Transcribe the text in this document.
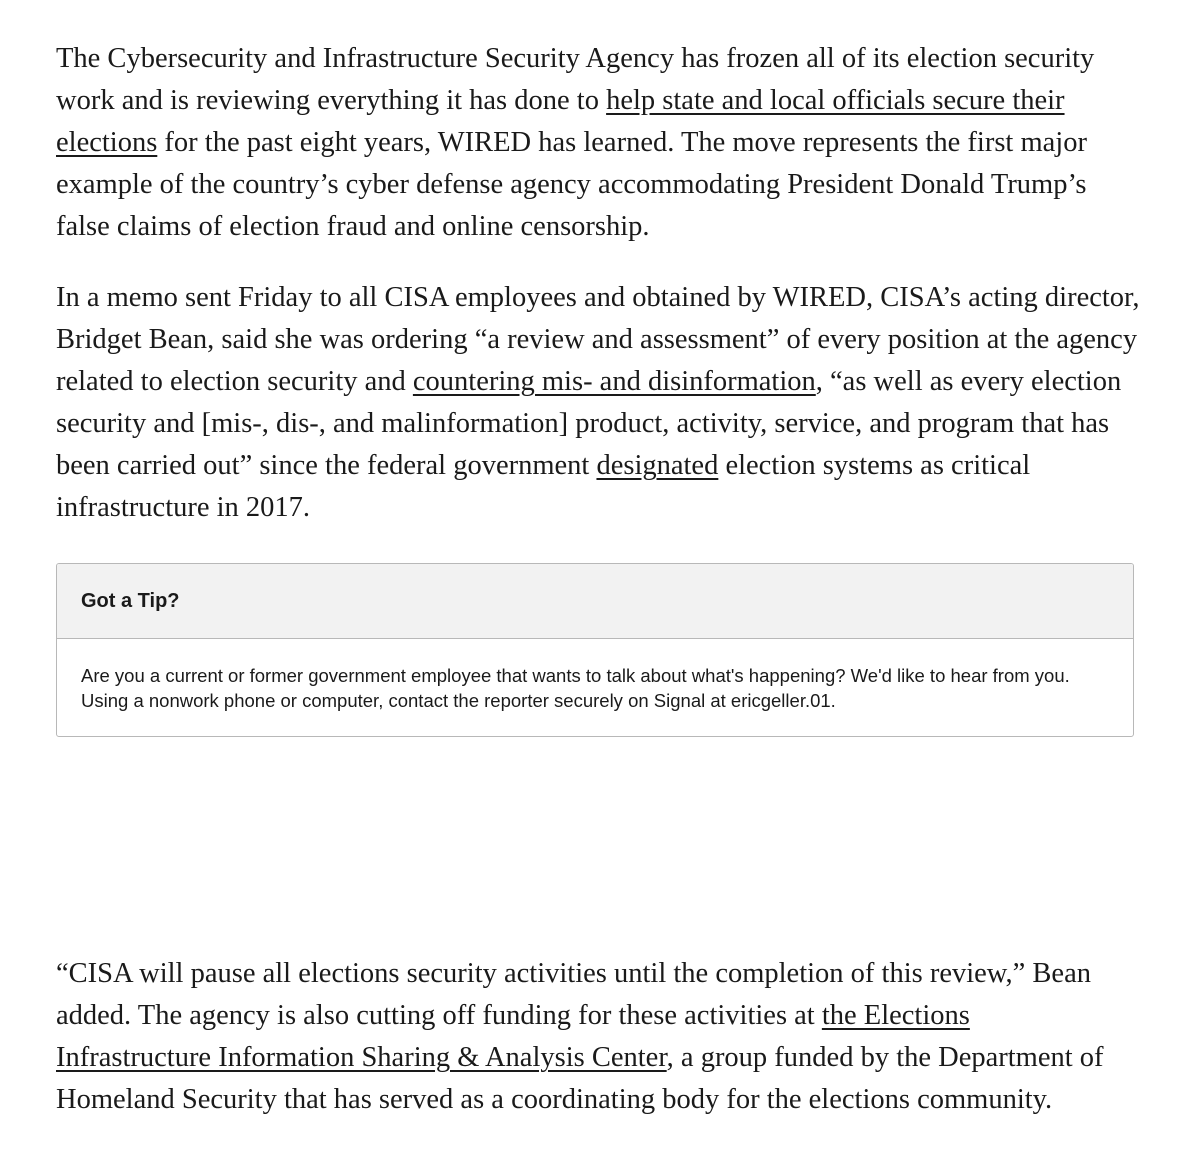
The Cybersecurity and Infrastructure Security Agency has frozen all of its election security work and is reviewing everything it has done to help state and local officials secure their elections for the past eight years, WIRED has learned. The move represents the first major example of the country’s cyber defense agency accommodating President Donald Trump’s false claims of election fraud and online censorship.

In a memo sent Friday to all CISA employees and obtained by WIRED, CISA’s acting director, Bridget Bean, said she was ordering “a review and assessment” of every position at the agency related to election security and countering mis- and disinformation, “as well as every election security and [mis-, dis-, and malinformation] product, activity, service, and program that has been carried out” since the federal government designated election systems as critical infrastructure in 2017.

“CISA will pause all elections security activities until the completion of this review,” Bean added. The agency is also cutting off funding for these activities at the Elections Infrastructure Information Sharing & Analysis Center, a group funded by the Department of Homeland Security that has served as a coordinating body for the elections community.

Got a Tip?
Are you a current or former government employee that wants to talk about what's happening? We'd like to hear from you. Using a nonwork phone or computer, contact the reporter securely on Signal at ericgeller.01.
